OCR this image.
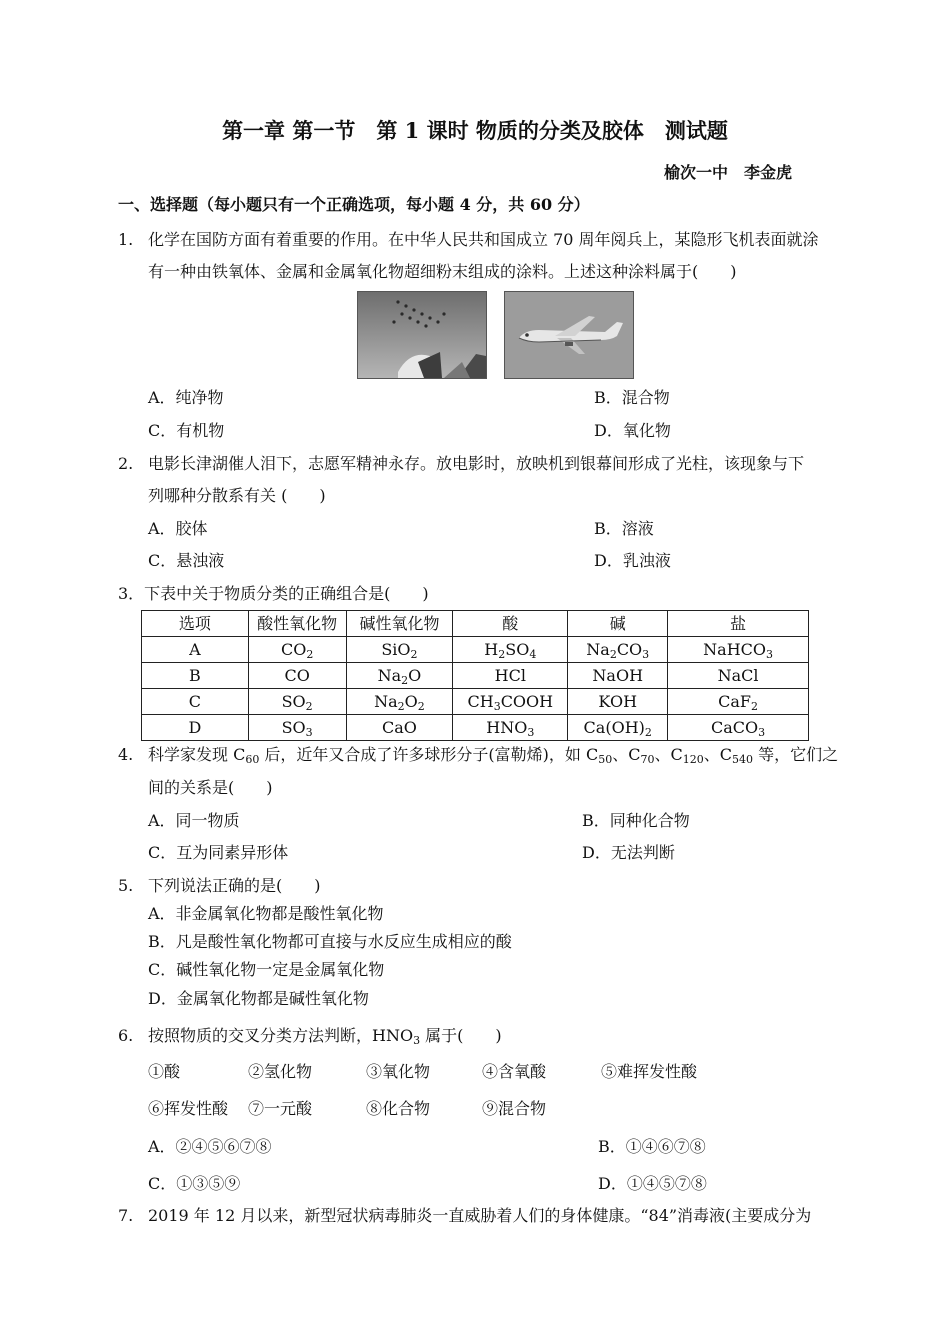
第一章 第一节　第 1 课时 物质的分类及胶体　测试题
榆次一中　李金虎
一、选择题（每小题只有一个正确选项，每小题 4 分，共 60 分）
1. 化学在国防方面有着重要的作用。在中华人民共和国成立 70 周年阅兵上，某隐形飞机表面就涂
有一种由铁氧体、金属和金属氧化物超细粉末组成的涂料。上述这种涂料属于(　　)
A．纯净物	B．混合物
C．有机物	D．氧化物
2. 电影长津湖催人泪下，志愿军精神永存。放电影时，放映机到银幕间形成了光柱，该现象与下
列哪种分散系有关 (　　)
A．胶体	B．溶液
C．悬浊液	D．乳浊液
3．下表中关于物质分类的正确组合是(　　)
选项	酸性氧化物	碱性氧化物	酸	碱	盐
A	$CO_2$	SiO$_2$	$H_2SO_4$	$Na_2CO_3$	NaHCO$_3$
B	CO	$Na_2O$	HCl	NaOH	NaCl
C	$SO_2$	$Na_2O_2$	$CH_3COOH$	KOH	CaF$_2$
D	$SO_3$	CaO	$HNO_3$	$Ca(OH)_2$	CaCO$_3$
4. 科学家发现 $C_{60}$ 后，近年又合成了许多球形分子(富勒烯)，如 $C_{50}$、$C_{70}$、$C_{120}$、$C_{540}$ 等，它们之
间的关系是(　　)
A．同一物质	B．同种化合物
C．互为同素异形体	D．无法判断
5. 下列说法正确的是(　　)
A．非金属氧化物都是酸性氧化物
B．凡是酸性氧化物都可直接与水反应生成相应的酸
C．碱性氧化物一定是金属氧化物
D．金属氧化物都是碱性氧化物
6. 按照物质的交叉分类方法判断，$HNO_3$ 属于(　　)
①酸	②氢化物	③氧化物	④含氧酸	⑤难挥发性酸
⑥挥发性酸 ⑦一元酸	⑧化合物	⑨混合物
A．②④⑤⑥⑦⑧	B．①④⑥⑦⑧
C．①③⑤⑨	D．①④⑤⑦⑧
7. 2019 年 12 月以来，新型冠状病毒肺炎一直威胁着人们的身体健康。“84”消毒液(主要成分为
